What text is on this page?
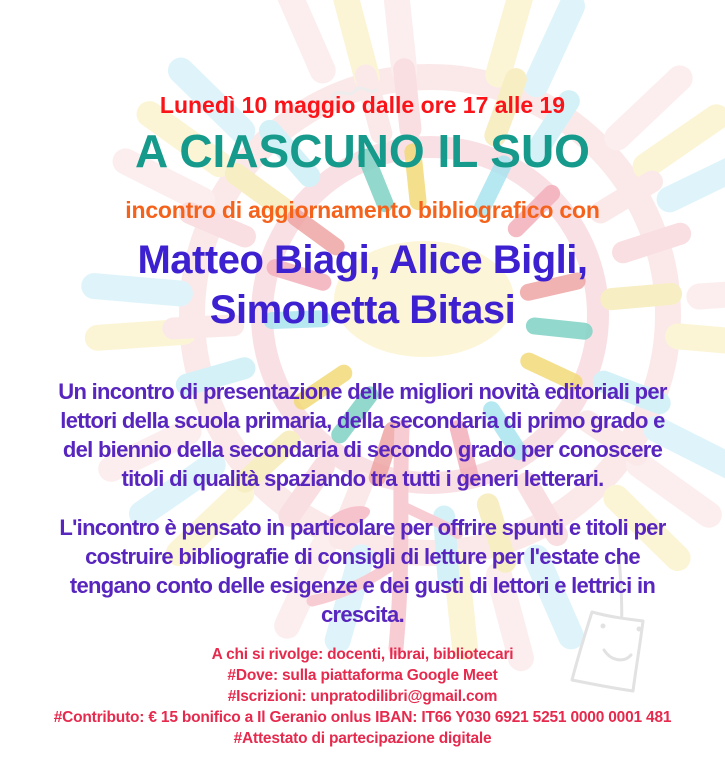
Lunedì 10 maggio dalle ore 17 alle 19
A CIASCUNO IL SUO
incontro di aggiornamento bibliografico con
Matteo Biagi, Alice Bigli,
Simonetta Bitasi
Un incontro di presentazione delle migliori novità editoriali per
lettori della scuola primaria, della secondaria di primo grado e
del biennio della secondaria di secondo grado per conoscere
titoli di qualità spaziando tra tutti i generi letterari.
L'incontro è pensato in particolare per offrire spunti e titoli per
costruire bibliografie di consigli di letture per l'estate che
tengano conto delle esigenze e dei gusti di lettori e lettrici in
crescita.
A chi si rivolge: docenti, librai, bibliotecari
#Dove: sulla piattaforma Google Meet
#Iscrizioni: unpratodilibri@gmail.com
#Contributo: € 15 bonifico a Il Geranio onlus IBAN: IT66 Y030 6921 5251 0000 0001 481
#Attestato di partecipazione digitale
